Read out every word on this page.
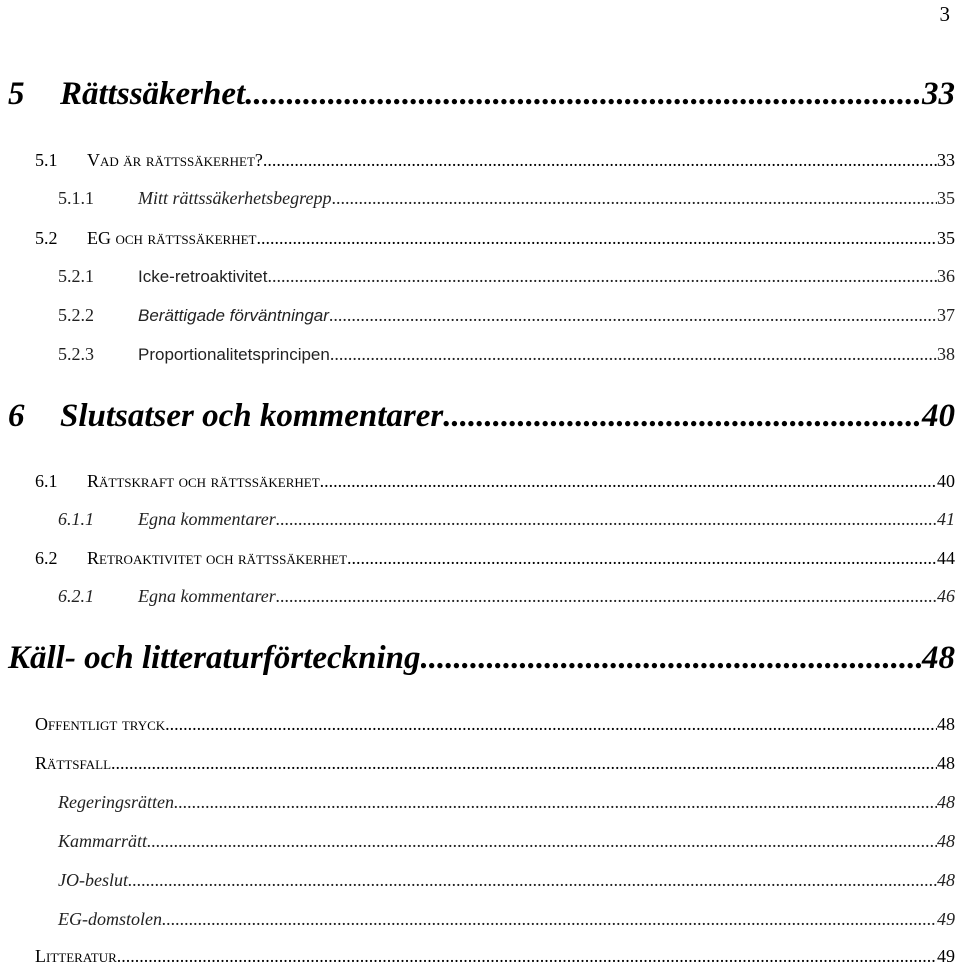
3
5	Rättssäkerhet .....	33
5.1	Vad är rättssäkerhet? .....	33
5.1.1	Mitt rättssäkerhetsbegrepp .....	35
5.2	EG och rättssäkerhet .....	35
5.2.1	Icke-retroaktivitet .....	36
5.2.2	Berättigade förväntningar .....	37
5.2.3	Proportionalitetsprincipen .....	38
6	Slutsatser och kommentarer .....	40
6.1	Rättskraft och rättssäkerhet .....	40
6.1.1	Egna kommentarer .....	41
6.2	Retroaktivitet och rättssäkerhet .....	44
6.2.1	Egna kommentarer .....	46
Käll- och litteraturförteckning .....	48
Offentligt tryck .....	48
Rättsfall .....	48
Regeringsrätten .....	48
Kammarrätt .....	48
JO-beslut .....	48
EG-domstolen .....	49
Litteratur .....	49
